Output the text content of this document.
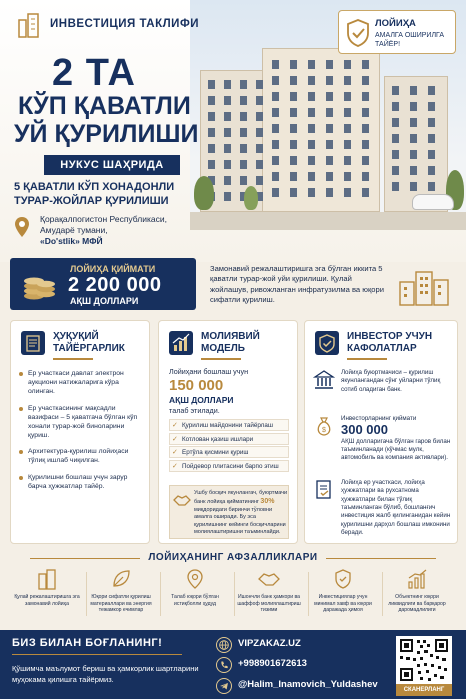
ИНВЕСТИЦИЯ ТАКЛИФИ	ЛОЙИҲА
АМАЛГА ОШИРИЛГА ТАЙЁР!
2 ТА
КЎП ҚАВАТЛИ
УЙ ҚУРИЛИШИ
НУКУС ШАҲРИДА
5 ҚАВАТЛИ КЎП ХОНАДОНЛИ
ТУРАР-ЖОЙЛАР ҚУРИЛИШИ
Қорақалпогистон Республикаси,
Амударё тумани,
«Do'stlik» МФЙ
ЛОЙИҲА ҚИЙМАТИ
2 200 000
АҚШ ДОЛЛАРИ
Замонавий режалаштиришга эга бўлган иккита 5 қаватли турар-жой уйи қурилиши. Қулай жойлашув, ривожланган инфратузилма ва юқори сифатли қурилиш.
ҲУҚУҚИЙ
ТАЙЁРГАРЛИК
Ер участкаси давлат электрон аукциони натижаларига кўра олинган.
Ер участкасининг мақсадли вазифаси – 5 қаватгача бўлган кўп хонали турар-жой биноларини қуриш.
Архитектура-қурилиш лойиҳаси тўлиқ ишлаб чиқилган.
Қурилишни бошлаш учун зарур барча ҳужжатлар тайёр.
МОЛИЯВИЙ
МОДЕЛЬ
Лойиҳани бошлаш учун
150 000
АҚШ ДОЛЛАРИ
талаб этилади.
✓ Қурилиш майдонини тайёрлаш
✓ Котлован қазиш ишлари
✓ Ертўла қисмини қуриш
✓ Пойдевор плитасини барпо этиш
Ушбу босқич якунлангач, буюртмачи банк лойиҳа қийматининг 30% миқдоридаги биринчи тўловни амалга оширади. Бу эса қурилишнинг кейинги босқичларини молиялаштиришни таъминлайди.
ИНВЕСТОР УЧУН
КАФОЛАТЛАР
Лойиҳа буюртмачиси – қурилиш якунлангандан сўнг уйларни тўлиқ сотиб оладиган банк.
$
Инвесторларнинг қиймати
300 000
АҚШ долларигача бўлган гаров билан таъминланади (кўчмас мулк, автомобиль ва компания активлари).
Лойиҳа ер участкаси, лойиҳа ҳужжатлари ва рухсатнома ҳужжатлари билан тўлиқ таъминланган бўлиб, бошланғич инвестиция жалб қилинганидан кейин қурилишни дарҳол бошлаш имконини беради.
ЛОЙИҲАНИНГ АФЗАЛЛИКЛАРИ
Қулай режалаштиришга эга замонавий лойиҳа
Юқори сифатли қурилиш материаллари ва энергия тежамкор ечимлар
Талаб юқори бўлган истиқболли ҳудуд
Ишончли банк ҳамкори ва шаффоф молиялаштириш тизими
Инвестициялар учун минимал хавф ва юқори даражада ҳимоя
Объектнинг юқори ликвидлиги ва барқарор даромадлилиги
БИЗ БИЛАН БОҒЛАНИНГ!
Қўшимча маълумот бериш ва ҳамкорлик шартларини муҳокама қилишга тайёрмиз.
VIPZAKAZ.UZ
+998901672613
@Halim_Inamovich_Yuldashev	СКАНЕРЛАНГ
